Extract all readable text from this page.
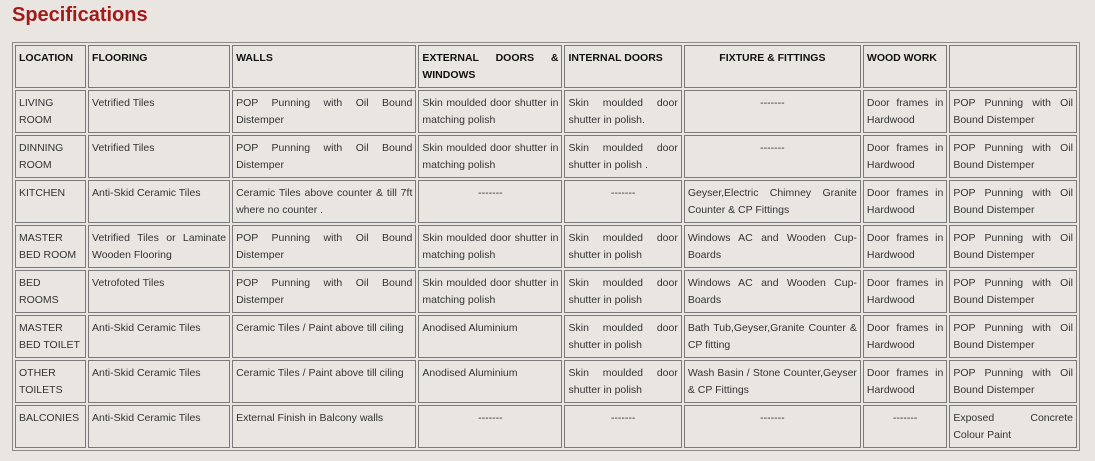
Specifications
LOCATION	FLOORING	WALLS	EXTERNAL DOORS & WINDOWS	INTERNAL DOORS	FIXTURE & FITTINGS	WOOD WORK	
LIVING ROOM	Vetrified Tiles	POP Punning with Oil Bound Distemper	Skin moulded door shutter in matching polish	Skin moulded door shutter in polish.	-------	Door frames in Hardwood	POP Punning with Oil Bound Distemper
DINNING ROOM	Vetrified Tiles	POP Punning with Oil Bound Distemper	Skin moulded door shutter in matching polish	Skin moulded door shutter in polish .	-------	Door frames in Hardwood	POP Punning with Oil Bound Distemper
KITCHEN	Anti-Skid Ceramic Tiles	Ceramic Tiles above counter & till 7ft where no counter .	-------	-------	Geyser,Electric Chimney Granite Counter & CP Fittings	Door frames in Hardwood	POP Punning with Oil Bound Distemper
MASTER BED ROOM	Vetrified Tiles or Laminate Wooden Flooring	POP Punning with Oil Bound Distemper	Skin moulded door shutter in matching polish	Skin moulded door shutter in polish	Windows AC and Wooden Cup-Boards	Door frames in Hardwood	POP Punning with Oil Bound Distemper
BED ROOMS	Vetrofoted Tiles	POP Punning with Oil Bound Distemper	Skin moulded door shutter in matching polish	Skin moulded door shutter in polish	Windows AC and Wooden Cup-Boards	Door frames in Hardwood	POP Punning with Oil Bound Distemper
MASTER BED TOILET	Anti-Skid Ceramic Tiles	Ceramic Tiles / Paint above till ciling	Anodised Aluminium	Skin moulded door shutter in polish	Bath Tub,Geyser,Granite Counter & CP fitting	Door frames in Hardwood	POP Punning with Oil Bound Distemper
OTHER TOILETS	Anti-Skid Ceramic Tiles	Ceramic Tiles / Paint above till ciling	Anodised Aluminium	Skin moulded door shutter in polish	Wash Basin / Stone Counter,Geyser & CP Fittings	Door frames in Hardwood	POP Punning with Oil Bound Distemper
BALCONIES	Anti-Skid Ceramic Tiles	External Finish in Balcony walls	-------	-------	-------	-------	Exposed Concrete Colour Paint
